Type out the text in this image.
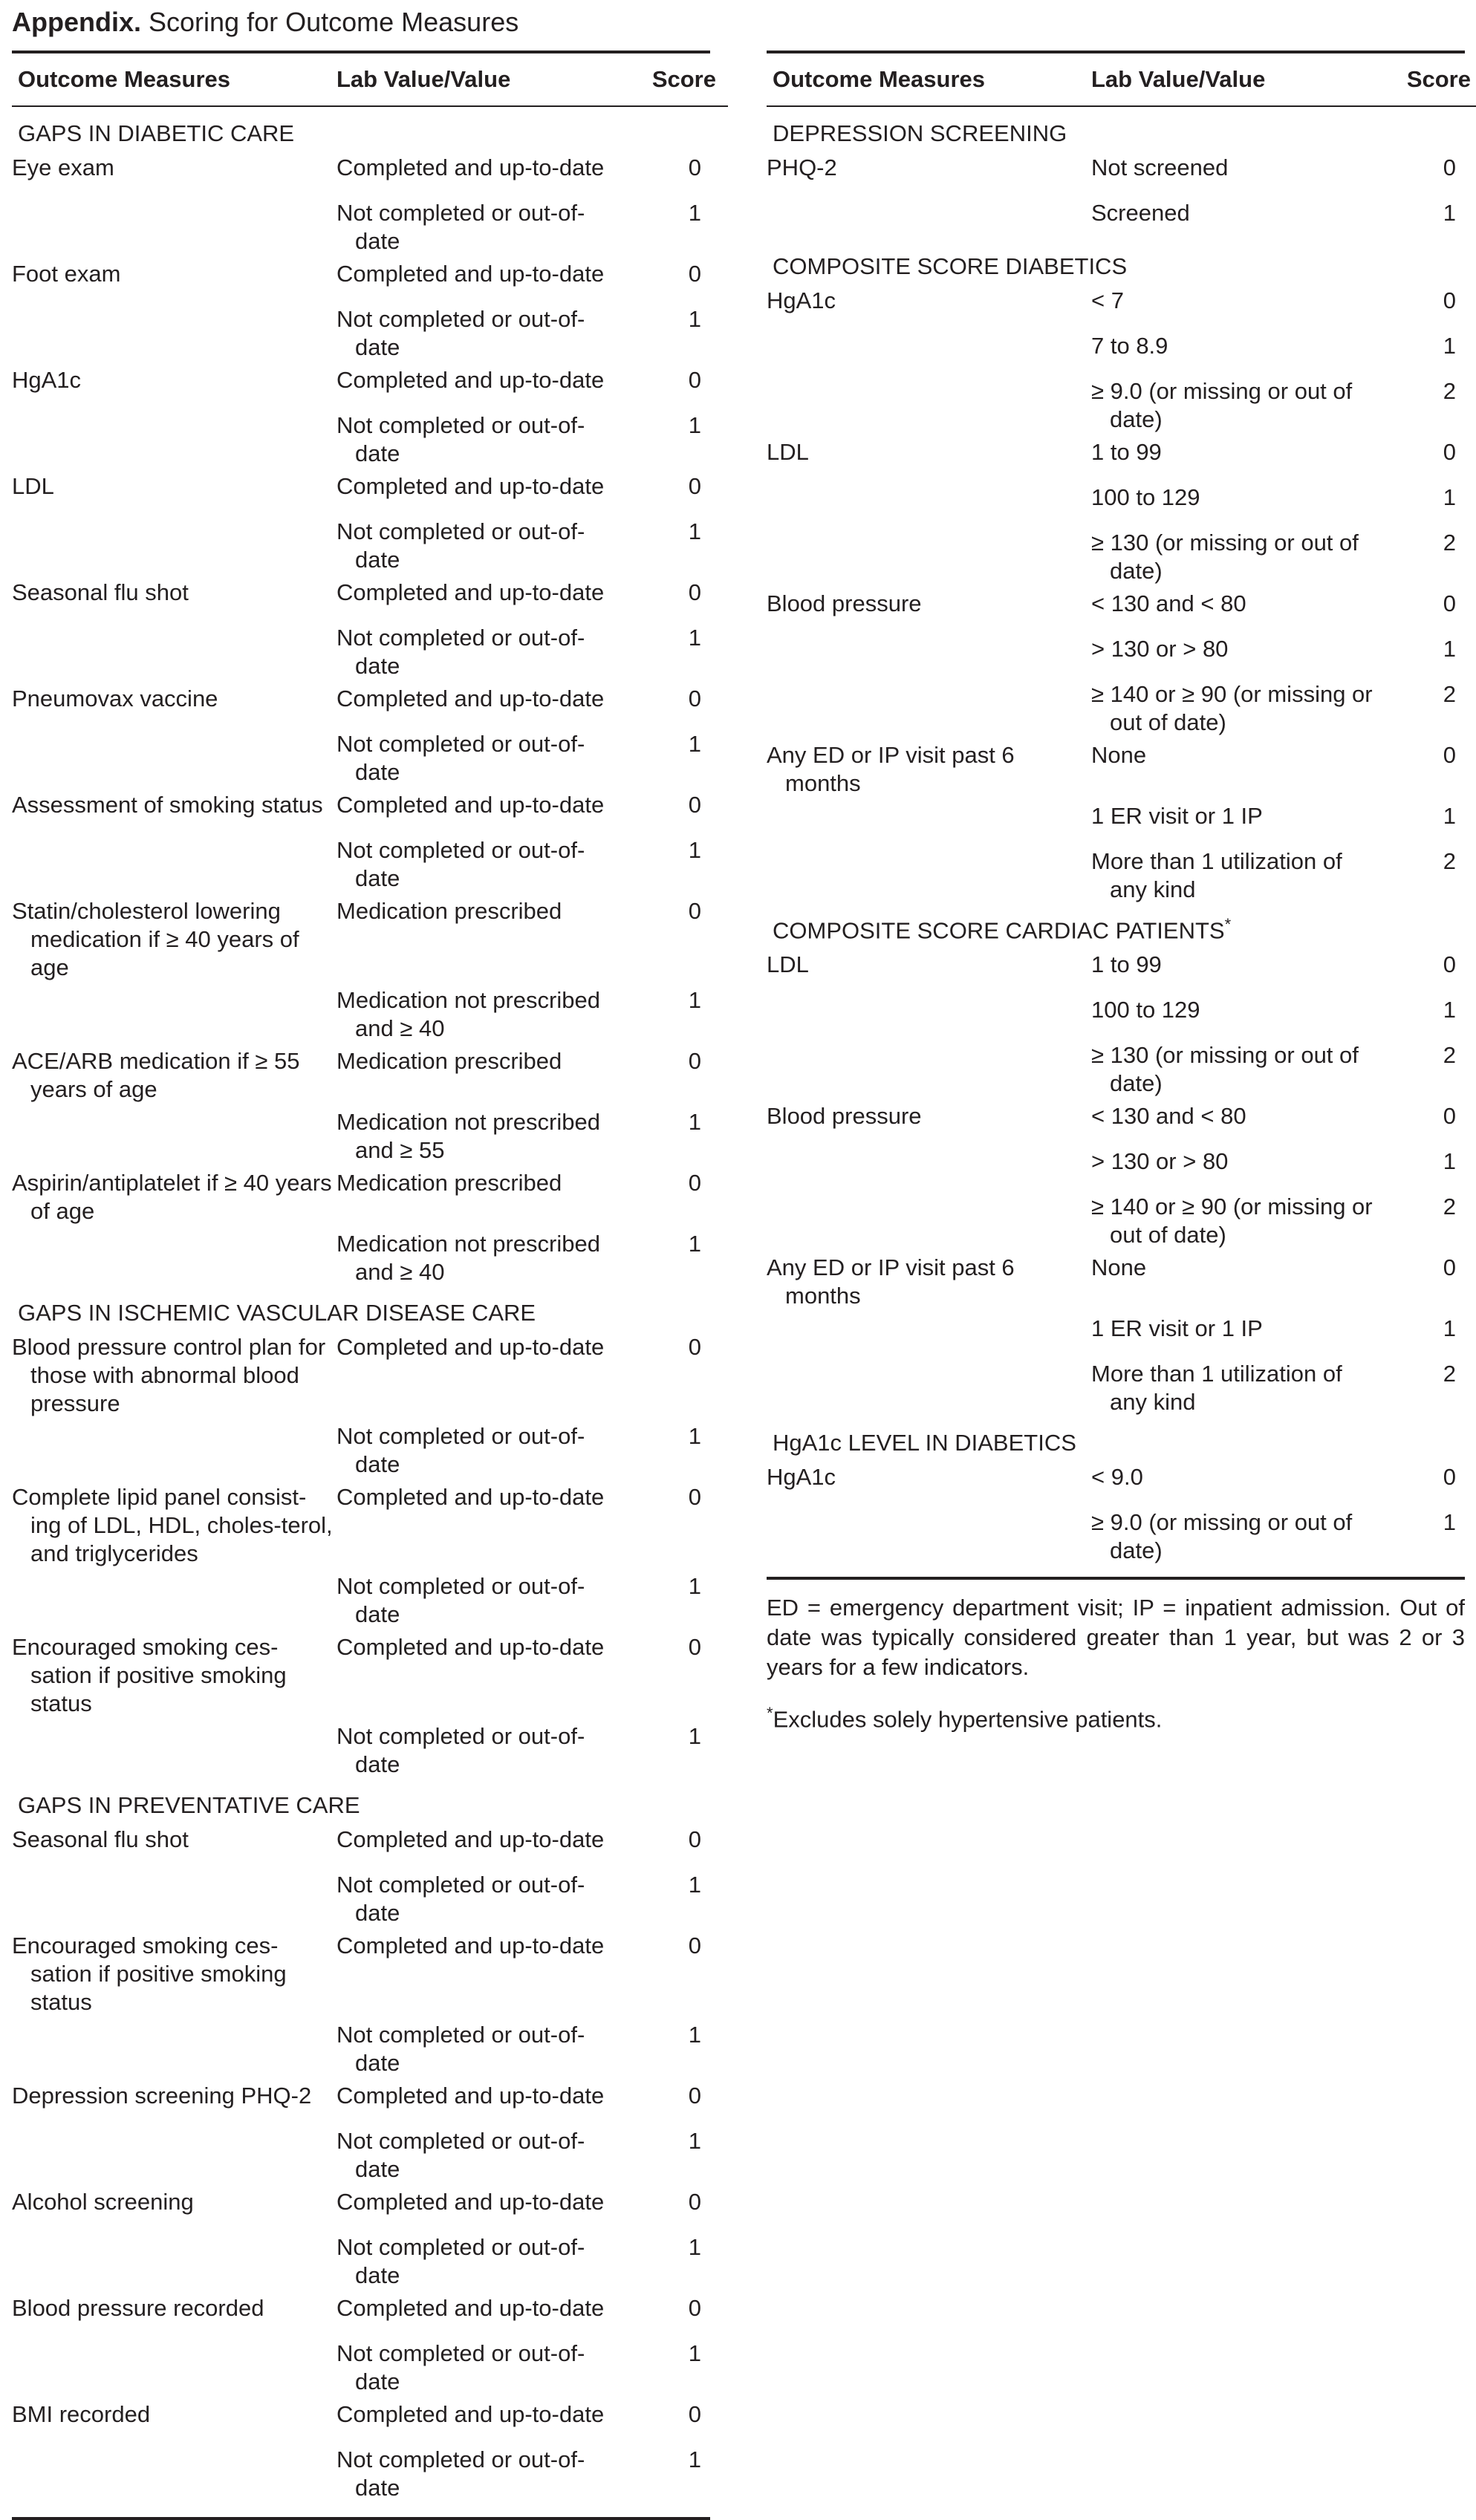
Appendix. Scoring for Outcome Measures
Outcome Measures	Lab Value/Value	Score

GAPS IN DIABETIC CARE		
Eye exam	Completed and up-to-date	0
	Not completed or out-of-date	1
Foot exam	Completed and up-to-date	0
	Not completed or out-of-date	1
HgA1c	Completed and up-to-date	0
	Not completed or out-of-date	1
LDL	Completed and up-to-date	0
	Not completed or out-of-date	1
Seasonal flu shot	Completed and up-to-date	0
	Not completed or out-of-date	1
Pneumovax vaccine	Completed and up-to-date	0
	Not completed or out-of-date	1
Assessment of smoking status	Completed and up-to-date	0
	Not completed or out-of-date	1
Statin/cholesterol lowering medication if ≥ 40 years of age	Medication prescribed	0
	Medication not prescribed and ≥ 40	1
ACE/ARB medication if ≥ 55 years of age	Medication prescribed	0
	Medication not prescribed and ≥ 55	1
Aspirin/antiplatelet if ≥ 40 years of age	Medication prescribed	0
	Medication not prescribed and ≥ 40	1
GAPS IN ISCHEMIC VASCULAR DISEASE CARE		
Blood pressure control plan for those with abnormal blood pressure	Completed and up-to-date	0
	Not completed or out-of-date	1
Complete lipid panel consist-ing of LDL, HDL, choles-terol, and triglycerides	Completed and up-to-date	0
	Not completed or out-of-date	1
Encouraged smoking ces-sation if positive smoking status	Completed and up-to-date	0
	Not completed or out-of-date	1
GAPS IN PREVENTATIVE CARE		
Seasonal flu shot	Completed and up-to-date	0
	Not completed or out-of-date	1
Encouraged smoking ces-sation if positive smoking status	Completed and up-to-date	0
	Not completed or out-of-date	1
Depression screening PHQ-2	Completed and up-to-date	0
	Not completed or out-of-date	1
Alcohol screening	Completed and up-to-date	0
	Not completed or out-of-date	1
Blood pressure recorded	Completed and up-to-date	0
	Not completed or out-of-date	1
BMI recorded	Completed and up-to-date	0
	Not completed or out-of-date	1
Outcome Measures	Lab Value/Value	Score

DEPRESSION SCREENING		
PHQ-2	Not screened	0
	Screened	1
COMPOSITE SCORE DIABETICS		
HgA1c	< 7	0
	7 to 8.9	1
	≥ 9.0 (or missing or out of date)	2
LDL	1 to 99	0
	100 to 129	1
	≥ 130 (or missing or out of date)	2
Blood pressure	< 130 and < 80	0
	> 130 or > 80	1
	≥ 140 or ≥ 90 (or missing or out of date)	2
Any ED or IP visit past 6 months	None	0
	1 ER visit or 1 IP	1
	More than 1 utilization of any kind	2
COMPOSITE SCORE CARDIAC PATIENTS*
LDL	1 to 99	0
	100 to 129	1
	≥ 130 (or missing or out of date)	2
Blood pressure	< 130 and < 80	0
	> 130 or > 80	1
	≥ 140 or ≥ 90 (or missing or out of date)	2
Any ED or IP visit past 6 months	None	0
	1 ER visit or 1 IP	1
	More than 1 utilization of any kind	2
HgA1c LEVEL IN DIABETICS		
HgA1c	< 9.0	0
	≥ 9.0 (or missing or out of date)	1

ED = emergency department visit; IP = inpatient admission. Out of date was typically considered greater than 1 year, but was 2 or 3 years for a few indicators.

*Excludes solely hypertensive patients.
